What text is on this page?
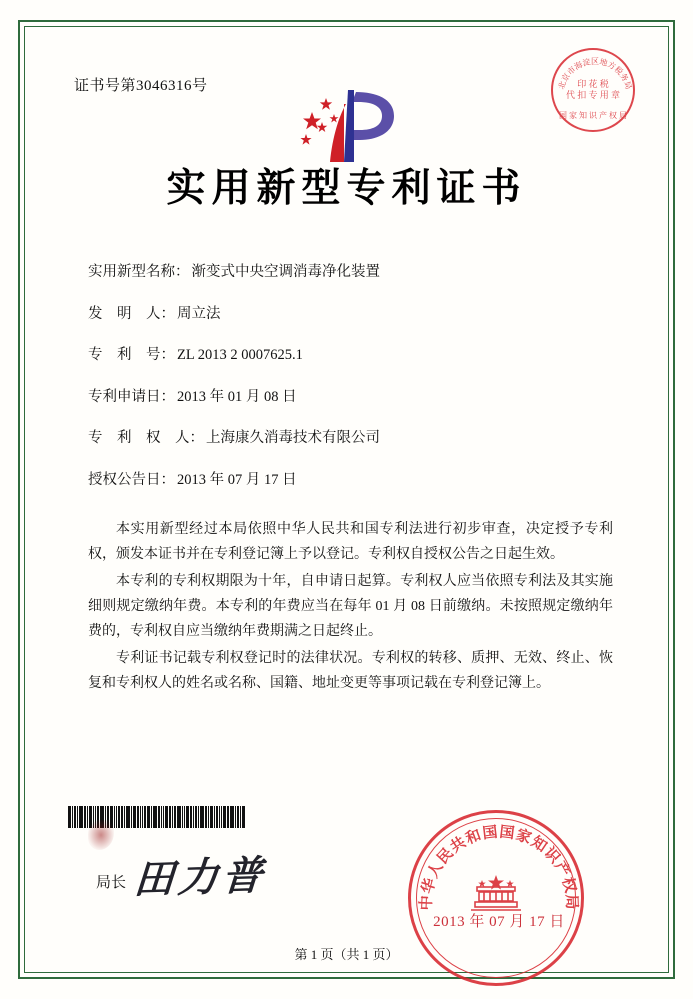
证书号第3046316号
实用新型专利证书
实用新型名称： 渐变式中央空调消毒净化装置
发　明　人： 周立法
专　利　号： ZL 2013 2 0007625.1
专利申请日： 2013 年 01 月 08 日
专　利　权　人： 上海康久消毒技术有限公司
授权公告日： 2013 年 07 月 17 日

本实用新型经过本局依照中华人民共和国专利法进行初步审查，决定授予专利权，颁发本证书并在专利登记簿上予以登记。专利权自授权公告之日起生效。

本专利的专利权期限为十年，自申请日起算。专利权人应当依照专利法及其实施细则规定缴纳年费。本专利的年费应当在每年 01 月 08 日前缴纳。未按照规定缴纳年费的，专利权自应当缴纳年费期满之日起终止。

专利证书记载专利权登记时的法律状况。专利权的转移、质押、无效、终止、恢复和专利权人的姓名或名称、国籍、地址变更等事项记载在专利登记簿上。

局长 田力普
中华人民共和国国家知识产权局
2013 年 07 月 17 日
北京市海淀区地方税务局
印 花 税
代 扣 专 用 章
国 家 知 识 产 权 局
第 1 页（共 1 页）
